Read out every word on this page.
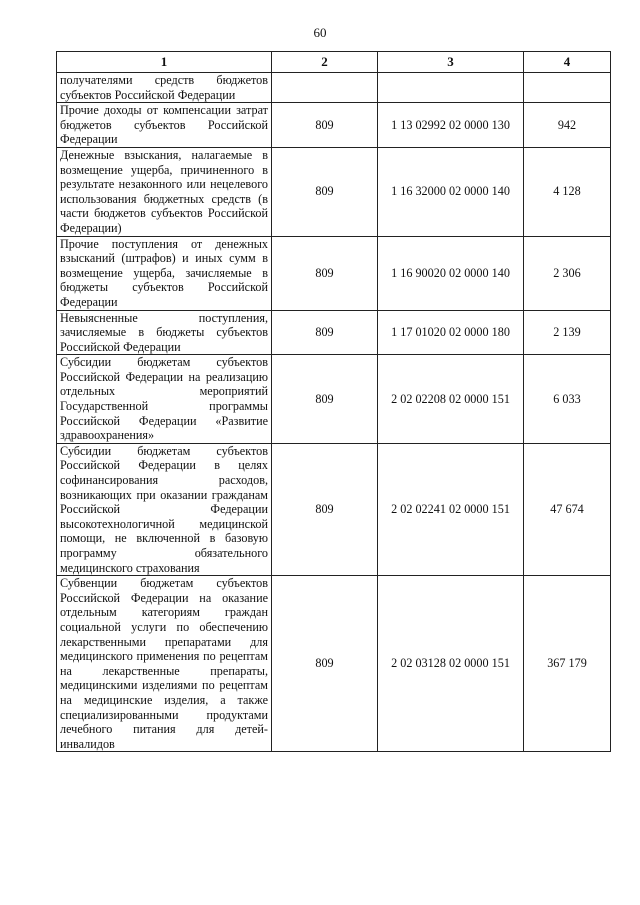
60
1	2	3	4
получателями средств бюджетов субъектов Российской Федерации			
Прочие доходы от компенсации затрат бюджетов субъектов Российской Федерации	809	1 13 02992 02 0000 130	942
Денежные взыскания, налагаемые в возмещение ущерба, причиненного в результате незаконного или нецелевого использования бюджетных средств (в части бюджетов субъектов Российской Федерации)	809	1 16 32000 02 0000 140	4 128
Прочие поступления от денежных взысканий (штрафов) и иных сумм в возмещение ущерба, зачисляемые в бюджеты субъектов Российской Федерации	809	1 16 90020 02 0000 140	2 306
Невыясненные поступления, зачисляемые в бюджеты субъектов Российской Федерации	809	1 17 01020 02 0000 180	2 139
Субсидии бюджетам субъектов Российской Федерации на реализацию отдельных мероприятий Государственной программы Российской Федерации «Развитие здравоохранения»	809	2 02 02208 02 0000 151	6 033
Субсидии бюджетам субъектов Российской Федерации в целях софинансирования расходов, возникающих при оказании гражданам Российской Федерации высокотехнологичной медицинской помощи, не включенной в базовую программу обязательного медицинского страхования	809	2 02 02241 02 0000 151	47 674
Субвенции бюджетам субъектов Российской Федерации на оказание отдельным категориям граждан социальной услуги по обеспечению лекарственными препаратами для медицинского применения по рецептам на лекарственные препараты, медицинскими изделиями по рецептам на медицинские изделия, а также специализированными продуктами лечебного питания для детей-инвалидов	809	2 02 03128 02 0000 151	367 179
